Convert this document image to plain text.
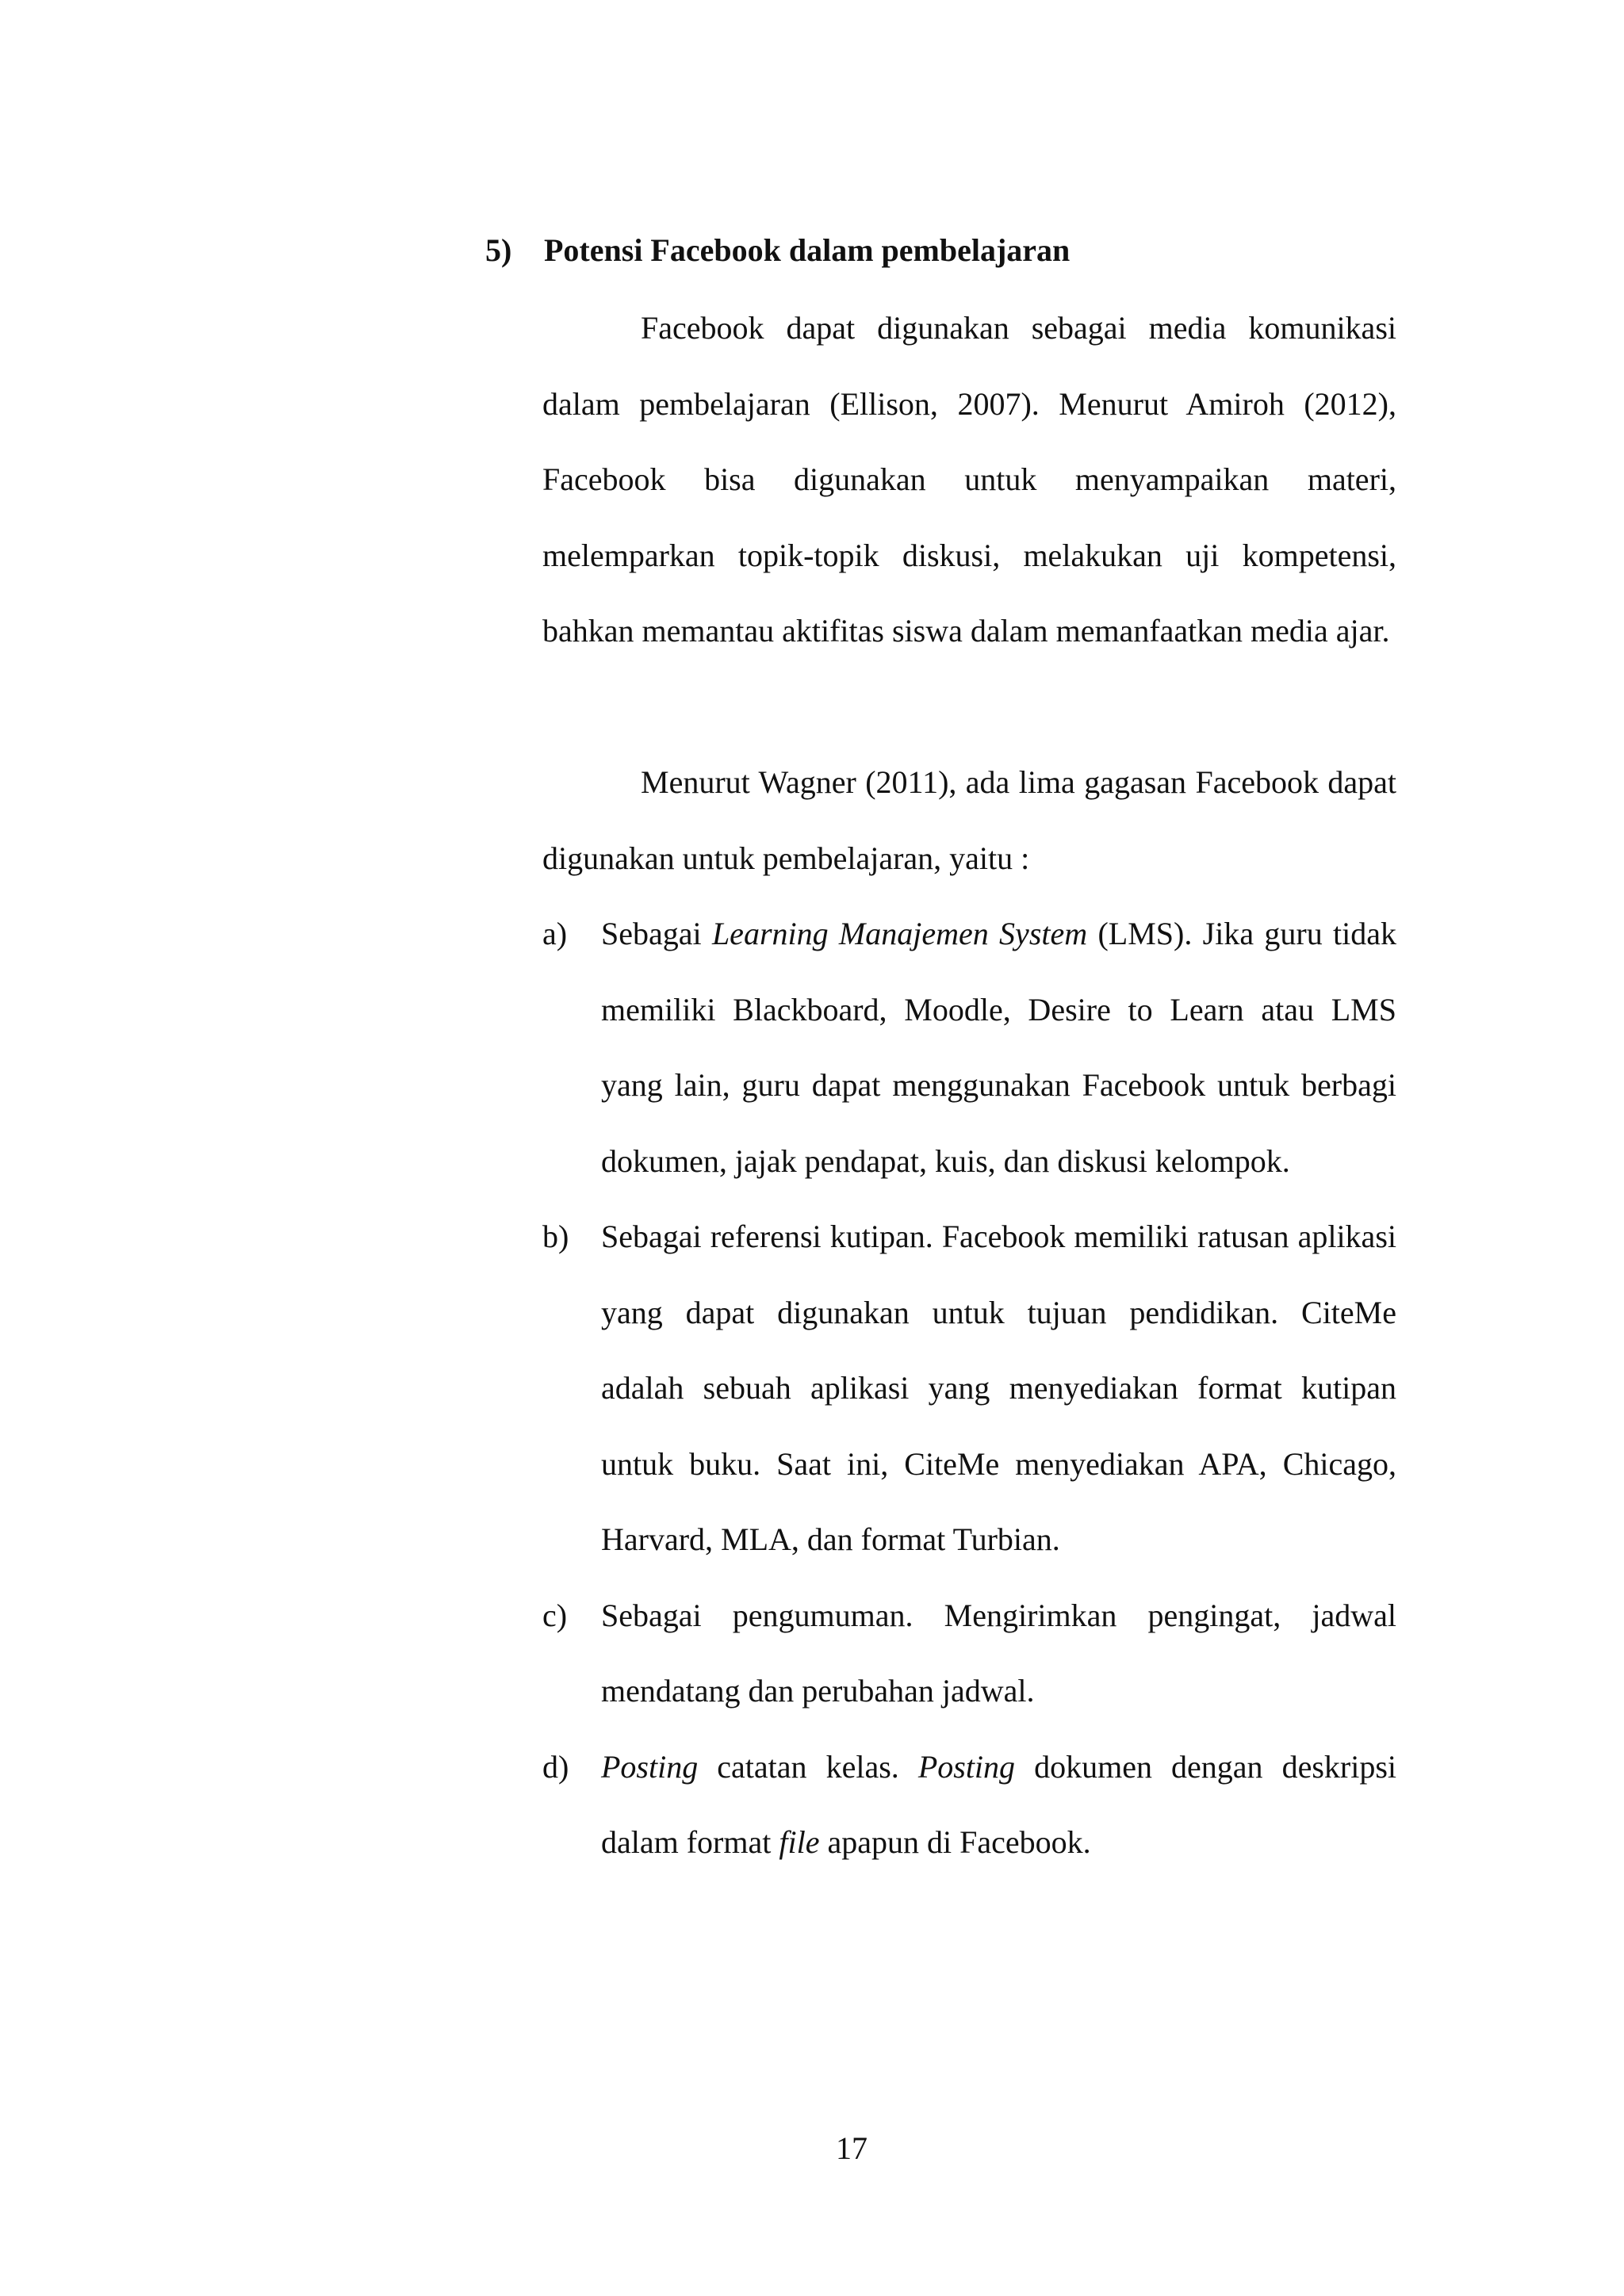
5) Potensi Facebook dalam pembelajaran

Facebook dapat digunakan sebagai media komunikasi dalam pembelajaran (Ellison, 2007). Menurut Amiroh (2012), Facebook bisa digunakan untuk menyampaikan materi, melemparkan topik-topik diskusi, melakukan uji kompetensi, bahkan memantau aktifitas siswa dalam memanfaatkan media ajar.

Menurut Wagner (2011), ada lima gagasan Facebook dapat digunakan untuk pembelajaran, yaitu :

a) Sebagai Learning Manajemen System (LMS). Jika guru tidak memiliki Blackboard, Moodle, Desire to Learn atau LMS yang lain, guru dapat menggunakan Facebook untuk berbagi dokumen, jajak pendapat, kuis, dan diskusi kelompok.
b) Sebagai referensi kutipan. Facebook memiliki ratusan aplikasi yang dapat digunakan untuk tujuan pendidikan. CiteMe adalah sebuah aplikasi yang menyediakan format kutipan untuk buku. Saat ini, CiteMe menyediakan APA, Chicago, Harvard, MLA, dan format Turbian.
c) Sebagai pengumuman. Mengirimkan pengingat, jadwal mendatang dan perubahan jadwal.
d) Posting catatan kelas. Posting dokumen dengan deskripsi dalam format file apapun di Facebook.
17
